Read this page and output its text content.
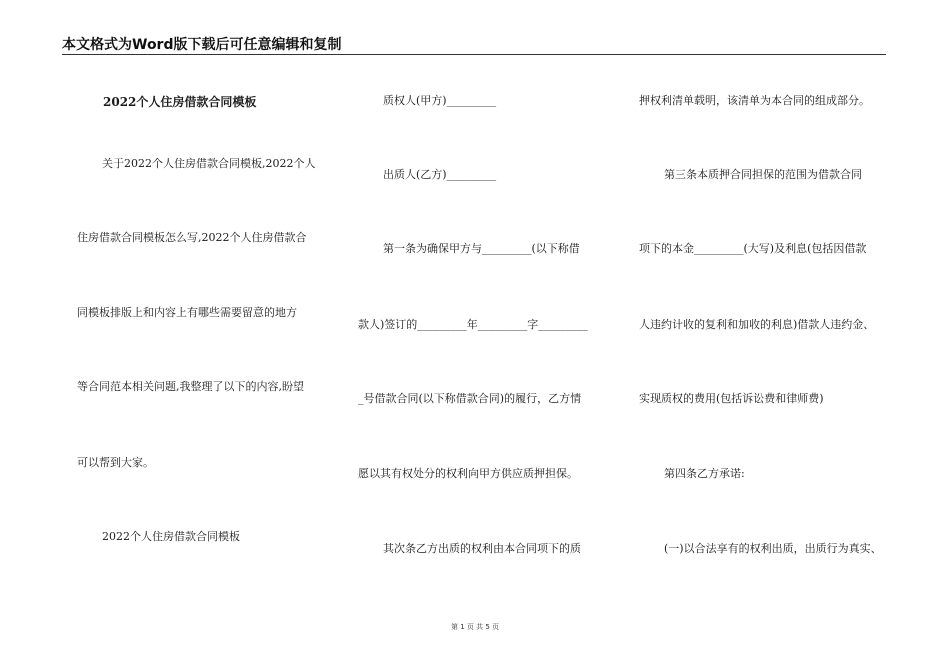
本文格式为Word版下载后可任意编辑和复制
2022个人住房借款合同模板
关于2022个人住房借款合同模板,2022个人
住房借款合同模板怎么写,2022个人住房借款合
同模板排版上和内容上有哪些需要留意的地方
等合同范本相关问题,我整理了以下的内容,盼望
可以帮到大家。
2022个人住房借款合同模板
质权人(甲方)_________
出质人(乙方)_________
第一条为确保甲方与_________(以下称借
款人)签订的_________年_________字_________
_号借款合同(以下称借款合同)的履行，乙方情
愿以其有权处分的权利向甲方供应质押担保。
其次条乙方出质的权利由本合同项下的质
押权利清单载明，该清单为本合同的组成部分。
第三条本质押合同担保的范围为借款合同
项下的本金_________(大写)及利息(包括因借款
人违约计收的复利和加收的利息)借款人违约金、
实现质权的费用(包括诉讼费和律师费)
第四条乙方承诺:
(一)以合法享有的权利出质，出质行为真实、
第 1 页 共 5 页
